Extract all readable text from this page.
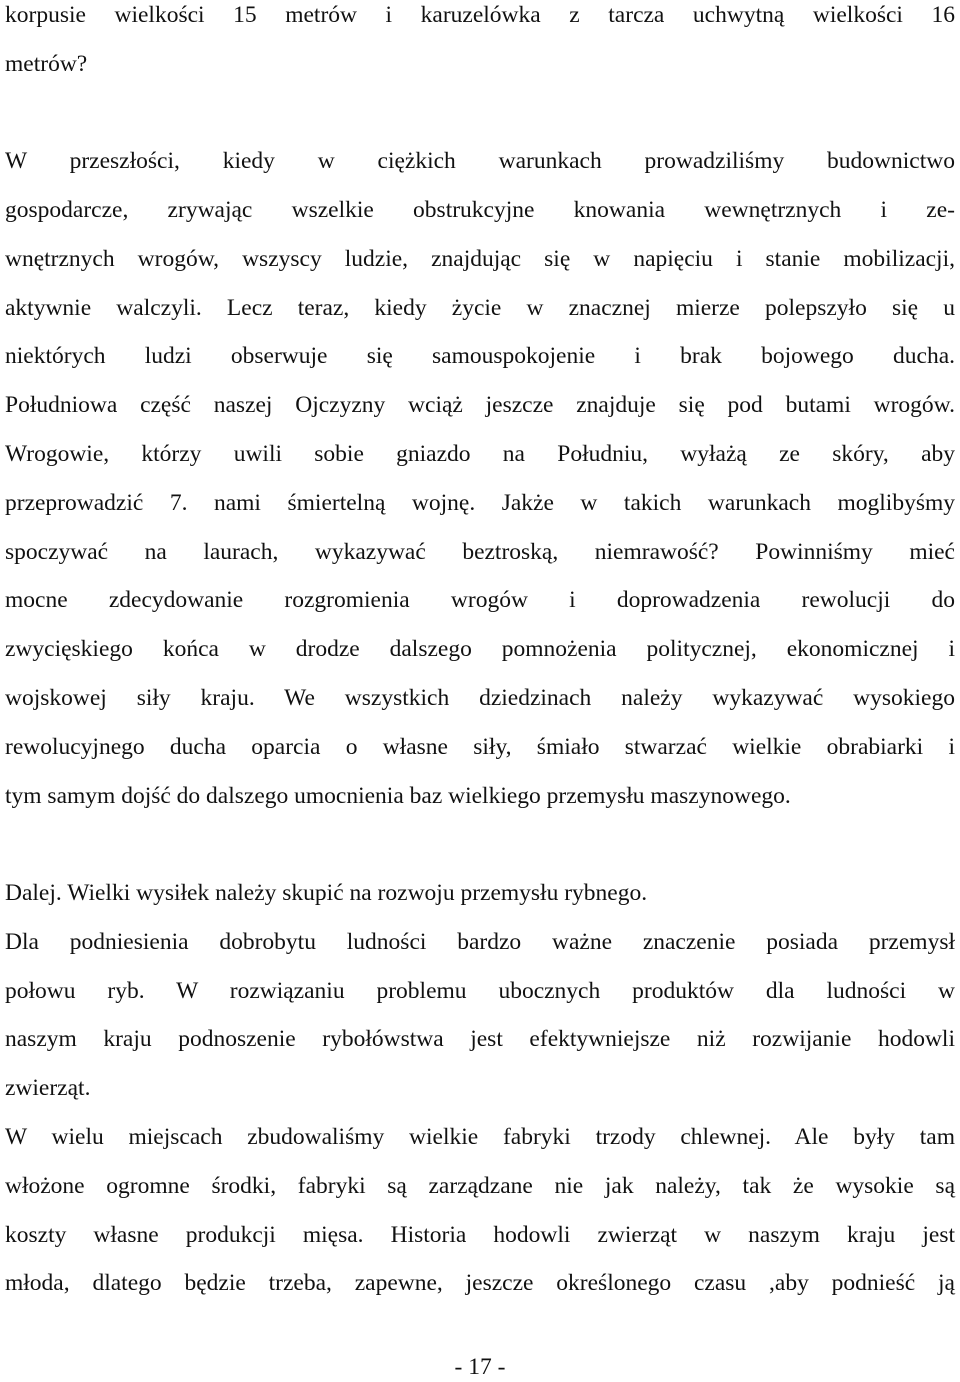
korpusie wielkości 15 metrów i karuzelówka z tarcza uchwytną wielkości 16
metrów?
W przeszłości, kiedy w ciężkich warunkach prowadziliśmy budownictwo
gospodarcze, zrywając wszelkie obstrukcyjne knowania wewnętrznych i ze-
wnętrznych wrogów, wszyscy ludzie, znajdując się w napięciu i stanie mobilizacji,
aktywnie walczyli. Lecz teraz, kiedy życie w znacznej mierze polepszyło się u
niektórych ludzi obserwuje się samouspokojenie i brak bojowego ducha.
Południowa część naszej Ojczyzny wciąż jeszcze znajduje się pod butami wrogów.
Wrogowie, którzy uwili sobie gniazdo na Południu, wyłażą ze skóry, aby
przeprowadzić 7. nami śmiertelną wojnę. Jakże w takich warunkach moglibyśmy
spoczywać na laurach, wykazywać beztroską, niemrawość? Powinniśmy mieć
mocne zdecydowanie rozgromienia wrogów i doprowadzenia rewolucji do
zwycięskiego końca w drodze dalszego pomnożenia politycznej, ekonomicznej i
wojskowej siły kraju. We wszystkich dziedzinach należy wykazywać wysokiego
rewolucyjnego ducha oparcia o własne siły, śmiało stwarzać wielkie obrabiarki i
tym samym dojść do dalszego umocnienia baz wielkiego przemysłu maszynowego.
Dalej. Wielki wysiłek należy skupić na rozwoju przemysłu rybnego.
Dla podniesienia dobrobytu ludności bardzo ważne znaczenie posiada przemysł
połowu ryb. W rozwiązaniu problemu ubocznych produktów dla ludności w
naszym kraju podnoszenie rybołówstwa jest efektywniejsze niż rozwijanie hodowli
zwierząt.
W wielu miejscach zbudowaliśmy wielkie fabryki trzody chlewnej. Ale były tam
włożone ogromne środki, fabryki są zarządzane nie jak należy, tak że wysokie są
koszty własne produkcji mięsa. Historia hodowli zwierząt w naszym kraju jest
młoda, dlatego będzie trzeba, zapewne, jeszcze określonego czasu ,aby podnieść ją
- 17 -
